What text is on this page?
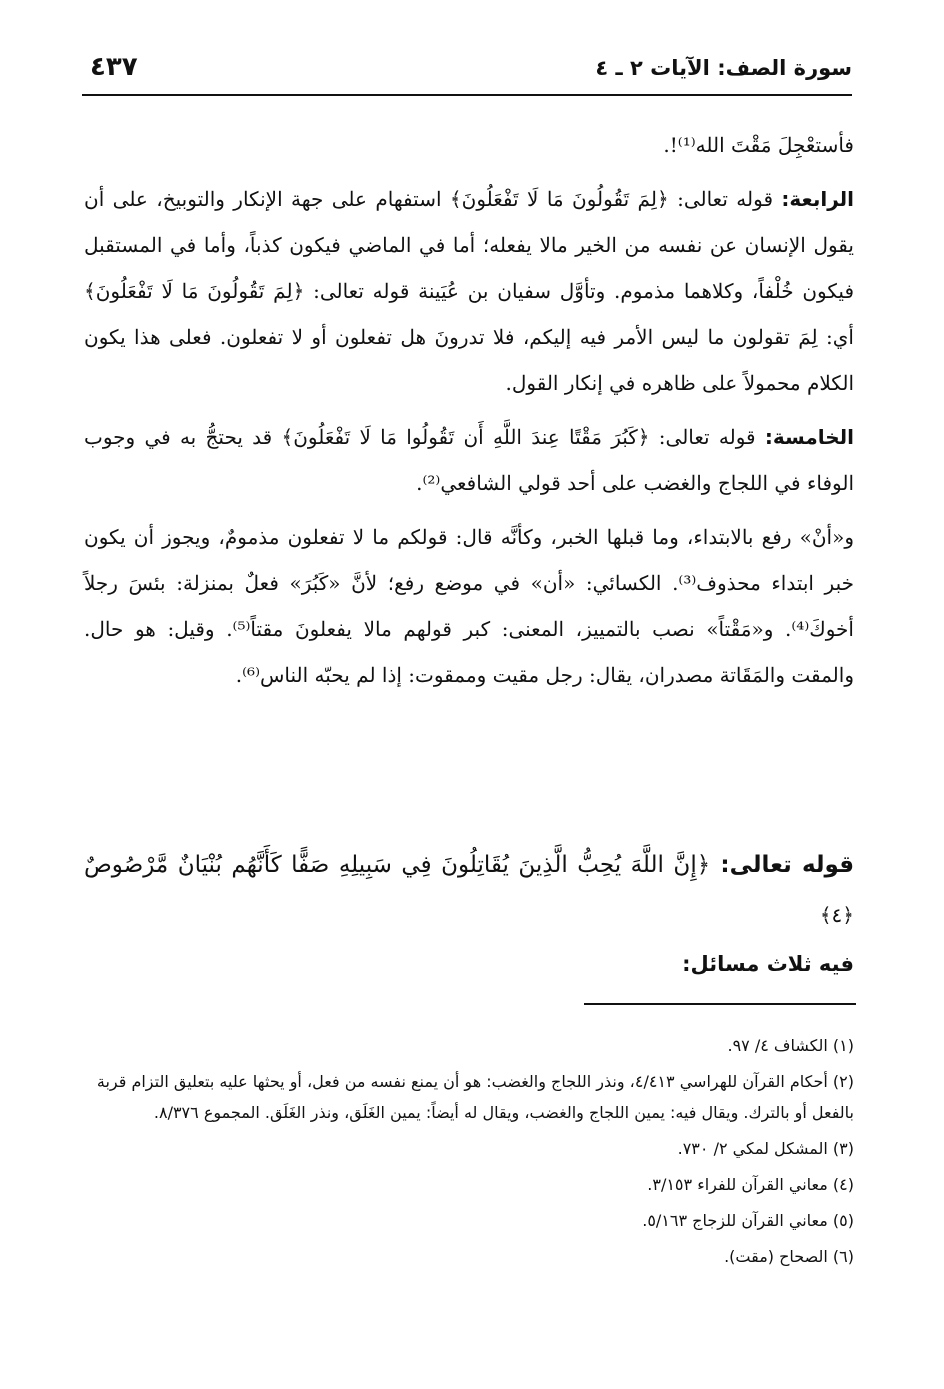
سورة الصف: الآيات ٢ ـ ٤
٤٣٧

فأستعْجِلَ مَقْتَ الله⁽¹⁾!.

الرابعة: قوله تعالى: ﴿لِمَ تَقُولُونَ مَا لَا تَفْعَلُونَ﴾ استفهام على جهة الإنكار والتوبيخ، على أن يقول الإنسان عن نفسه من الخير مالا يفعله؛ أما في الماضي فيكون كذباً، وأما في المستقبل فيكون خُلْفاً، وكلاهما مذموم. وتأوَّل سفيان بن عُيَينة قوله تعالى: ﴿لِمَ تَقُولُونَ مَا لَا تَفْعَلُونَ﴾ أي: لِمَ تقولون ما ليس الأمر فيه إليكم، فلا تدرونَ هل تفعلون أو لا تفعلون. فعلى هذا يكون الكلام محمولاً على ظاهره في إنكار القول.

الخامسة: قوله تعالى: ﴿كَبُرَ مَقْتًا عِندَ اللَّهِ أَن تَقُولُوا مَا لَا تَفْعَلُونَ﴾ قد يحتجُّ به في وجوب الوفاء في اللجاج والغضب على أحد قولي الشافعي⁽²⁾.

و«أنْ» رفع بالابتداء، وما قبلها الخبر، وكأنَّه قال: قولكم ما لا تفعلون مذمومٌ، ويجوز أن يكون خبر ابتداء محذوف⁽³⁾. الكسائي: «أن» في موضع رفع؛ لأنَّ «كَبُرَ» فعلٌ بمنزلة: بئسَ رجلاً أخوكَ⁽⁴⁾. و«مَقْتاً» نصب بالتمييز، المعنى: كبر قولهم مالا يفعلونَ مقتاً⁽⁵⁾. وقيل: هو حال. والمقت والمَقَاتة مصدران، يقال: رجل مقيت وممقوت: إذا لم يحبّه الناس⁽⁶⁾.

قوله تعالى: ﴿إِنَّ اللَّهَ يُحِبُّ الَّذِينَ يُقَاتِلُونَ فِي سَبِيلِهِ صَفًّا كَأَنَّهُم بُنْيَانٌ مَّرْصُوصٌ ﴿٤﴾
فيه ثلاث مسائل:
(١) الكشاف ٤/ ٩٧.
(٢) أحكام القرآن للهراسي ٤/٤١٣، ونذر اللجاج والغضب: هو أن يمنع نفسه من فعل، أو يحثها عليه بتعليق التزام قربة بالفعل أو بالترك. ويقال فيه: يمين اللجاج والغضب، ويقال له أيضاً: يمين الغَلَق، ونذر الغَلَق. المجموع ٨/٣٧٦.
(٣) المشكل لمكي ٢/ ٧٣٠.
(٤) معاني القرآن للفراء ٣/١٥٣.
(٥) معاني القرآن للزجاج ٥/١٦٣.
(٦) الصحاح (مقت).
